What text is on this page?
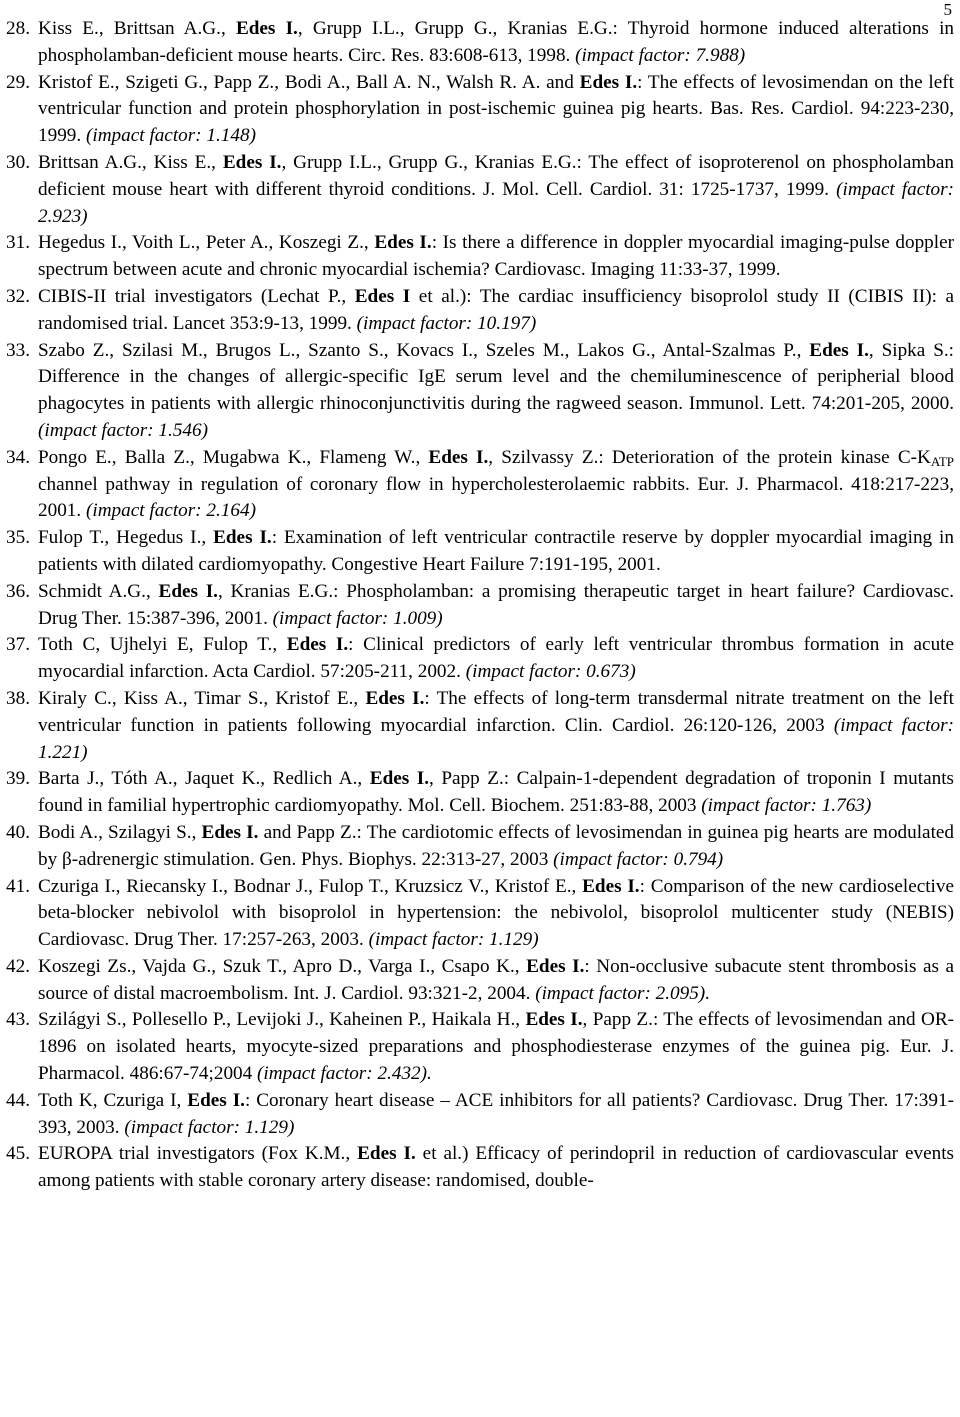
5

28. Kiss E., Brittsan A.G., Edes I., Grupp I.L., Grupp G., Kranias E.G.: Thyroid hormone induced alterations in phospholamban-deficient mouse hearts. Circ. Res. 83:608-613, 1998. (impact factor: 7.988)

29. Kristof E., Szigeti G., Papp Z., Bodi A., Ball A. N., Walsh R. A. and Edes I.: The effects of levosimendan on the left ventricular function and protein phosphorylation in post-ischemic guinea pig hearts. Bas. Res. Cardiol. 94:223-230, 1999. (impact factor: 1.148)

30. Brittsan A.G., Kiss E., Edes I., Grupp I.L., Grupp G., Kranias E.G.: The effect of isoproterenol on phospholamban deficient mouse heart with different thyroid conditions. J. Mol. Cell. Cardiol. 31: 1725-1737, 1999. (impact factor: 2.923)

31. Hegedus I., Voith L., Peter A., Koszegi Z., Edes I.: Is there a difference in doppler myocardial imaging-pulse doppler spectrum between acute and chronic myocardial ischemia? Cardiovasc. Imaging 11:33-37, 1999.

32. CIBIS-II trial investigators (Lechat P., Edes I et al.): The cardiac insufficiency bisoprolol study II (CIBIS II): a randomised trial. Lancet 353:9-13, 1999. (impact factor: 10.197)

33. Szabo Z., Szilasi M., Brugos L., Szanto S., Kovacs I., Szeles M., Lakos G., Antal-Szalmas P., Edes I., Sipka S.: Difference in the changes of allergic-specific IgE serum level and the chemiluminescence of peripherial blood phagocytes in patients with allergic rhinoconjunctivitis during the ragweed season. Immunol. Lett. 74:201-205, 2000. (impact factor: 1.546)

34. Pongo E., Balla Z., Mugabwa K., Flameng W., Edes I., Szilvassy Z.: Deterioration of the protein kinase $C-K_{ATP}$ channel pathway in regulation of coronary flow in hypercholesterolaemic rabbits. Eur. J. Pharmacol. 418:217-223, 2001. (impact factor: 2.164)

35. Fulop T., Hegedus I., Edes I.: Examination of left ventricular contractile reserve by doppler myocardial imaging in patients with dilated cardiomyopathy. Congestive Heart Failure 7:191-195, 2001.

36. Schmidt A.G., Edes I., Kranias E.G.: Phospholamban: a promising therapeutic target in heart failure? Cardiovasc. Drug Ther. 15:387-396, 2001. (impact factor: 1.009)

37. Toth C, Ujhelyi E, Fulop T., Edes I.: Clinical predictors of early left ventricular thrombus formation in acute myocardial infarction. Acta Cardiol. 57:205-211, 2002. (impact factor: 0.673)

38. Kiraly C., Kiss A., Timar S., Kristof E., Edes I.: The effects of long-term transdermal nitrate treatment on the left ventricular function in patients following myocardial infarction. Clin. Cardiol. 26:120-126, 2003 (impact factor: 1.221)

39. Barta J., Tóth A., Jaquet K., Redlich A., Edes I., Papp Z.: Calpain-1-dependent degradation of troponin I mutants found in familial hypertrophic cardiomyopathy. Mol. Cell. Biochem. 251:83-88, 2003 (impact factor: 1.763)

40. Bodi A., Szilagyi S., Edes I. and Papp Z.: The cardiotomic effects of levosimendan in guinea pig hearts are modulated by β-adrenergic stimulation. Gen. Phys. Biophys. 22:313-27, 2003 (impact factor: 0.794)

41. Czuriga I., Riecansky I., Bodnar J., Fulop T., Kruzsicz V., Kristof E., Edes I.: Comparison of the new cardioselective beta-blocker nebivolol with bisoprolol in hypertension: the nebivolol, bisoprolol multicenter study (NEBIS) Cardiovasc. Drug Ther. 17:257-263, 2003. (impact factor: 1.129)

42. Koszegi Zs., Vajda G., Szuk T., Apro D., Varga I., Csapo K., Edes I.: Non-occlusive subacute stent thrombosis as a source of distal macroembolism. Int. J. Cardiol. 93:321-2, 2004. (impact factor: 2.095).

43. Szilágyi S., Pollesello P., Levijoki J., Kaheinen P., Haikala H., Edes I., Papp Z.: The effects of levosimendan and OR-1896 on isolated hearts, myocyte-sized preparations and phosphodiesterase enzymes of the guinea pig. Eur. J. Pharmacol. 486:67-74;2004 (impact factor: 2.432).

44. Toth K, Czuriga I, Edes I.: Coronary heart disease – ACE inhibitors for all patients? Cardiovasc. Drug Ther. 17:391-393, 2003. (impact factor: 1.129)

45. EUROPA trial investigators (Fox K.M., Edes I. et al.) Efficacy of perindopril in reduction of cardiovascular events among patients with stable coronary artery disease: randomised, double-
